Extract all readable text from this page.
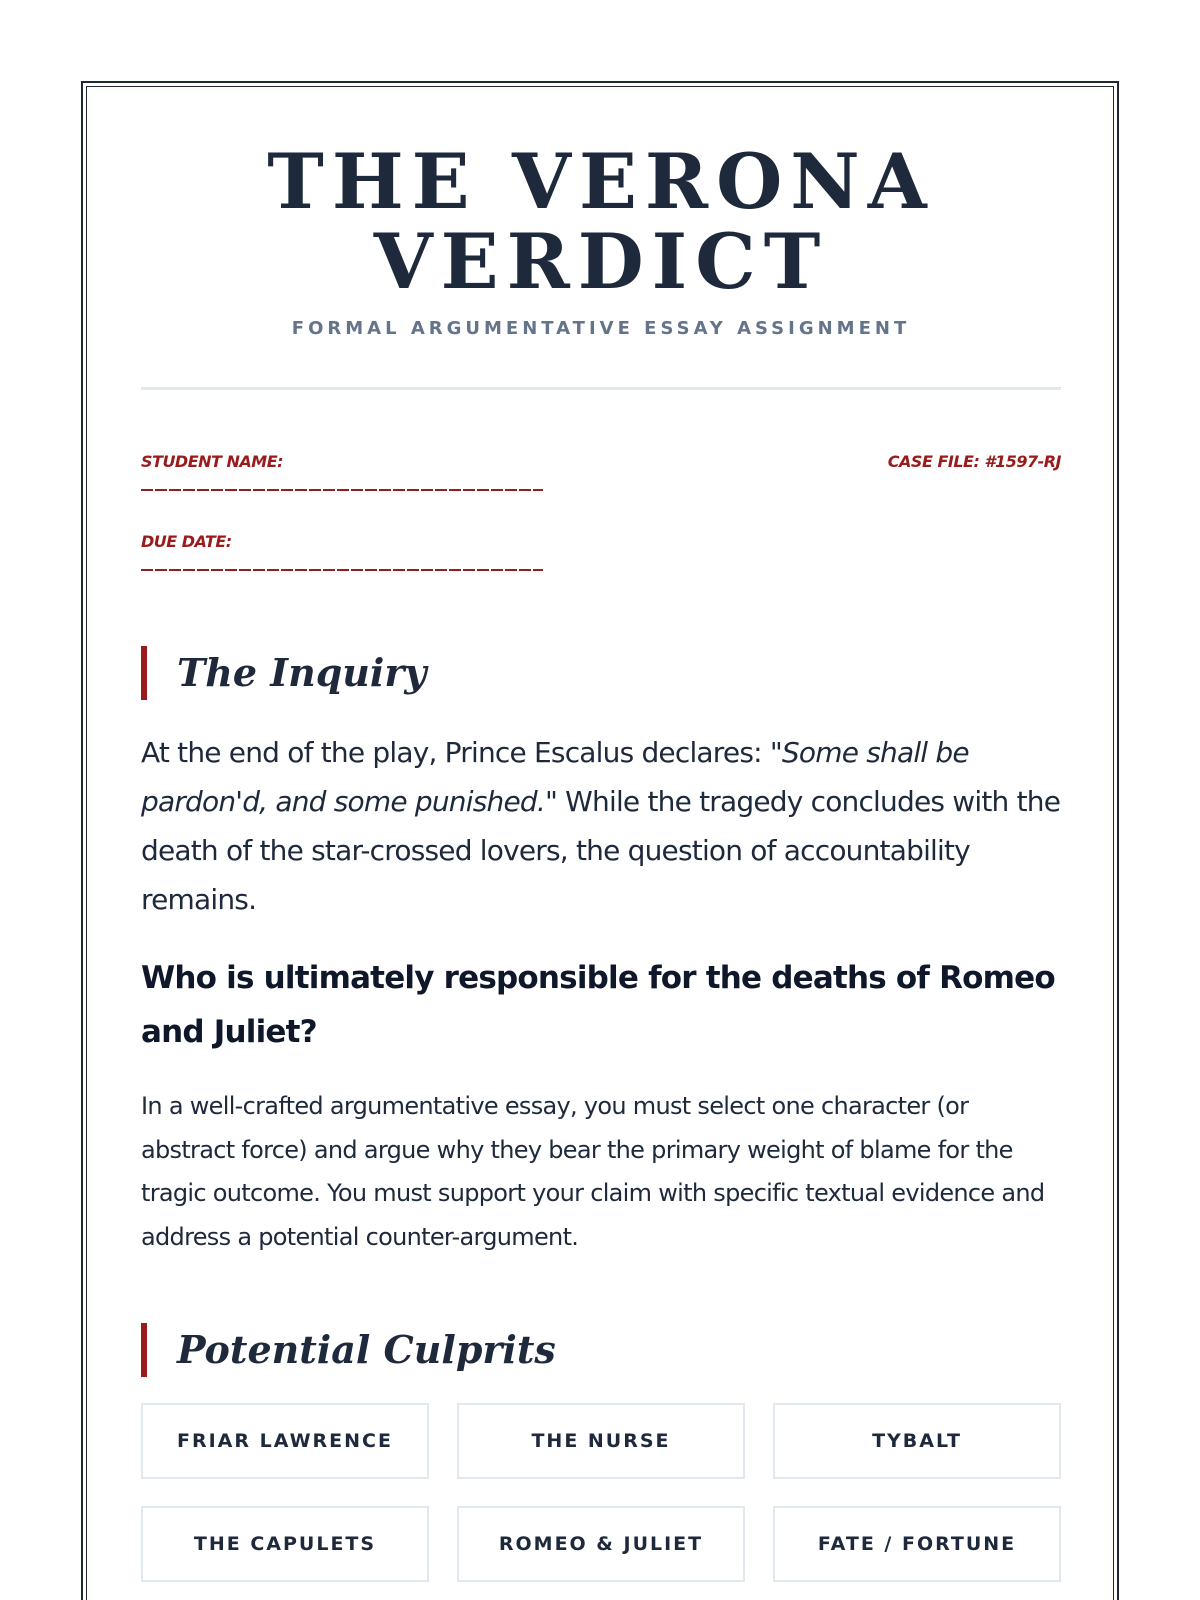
THE VERONA
VERDICT
FORMAL ARGUMENTATIVE ESSAY ASSIGNMENT
STUDENT NAME:	CASE FILE: #1597-RJ
DUE DATE:
The Inquiry

At the end of the play, Prince Escalus declares: "Some shall be pardon'd, and some punished." While the tragedy concludes with the death of the star-crossed lovers, the question of accountability remains.

Who is ultimately responsible for the deaths of Romeo and Juliet?

In a well-crafted argumentative essay, you must select one character (or abstract force) and argue why they bear the primary weight of blame for the tragic outcome. You must support your claim with specific textual evidence and address a potential counter-argument.

Potential Culprits
FRIAR LAWRENCE	THE NURSE	TYBALT
THE CAPULETS	ROMEO & JULIET	FATE / FORTUNE
